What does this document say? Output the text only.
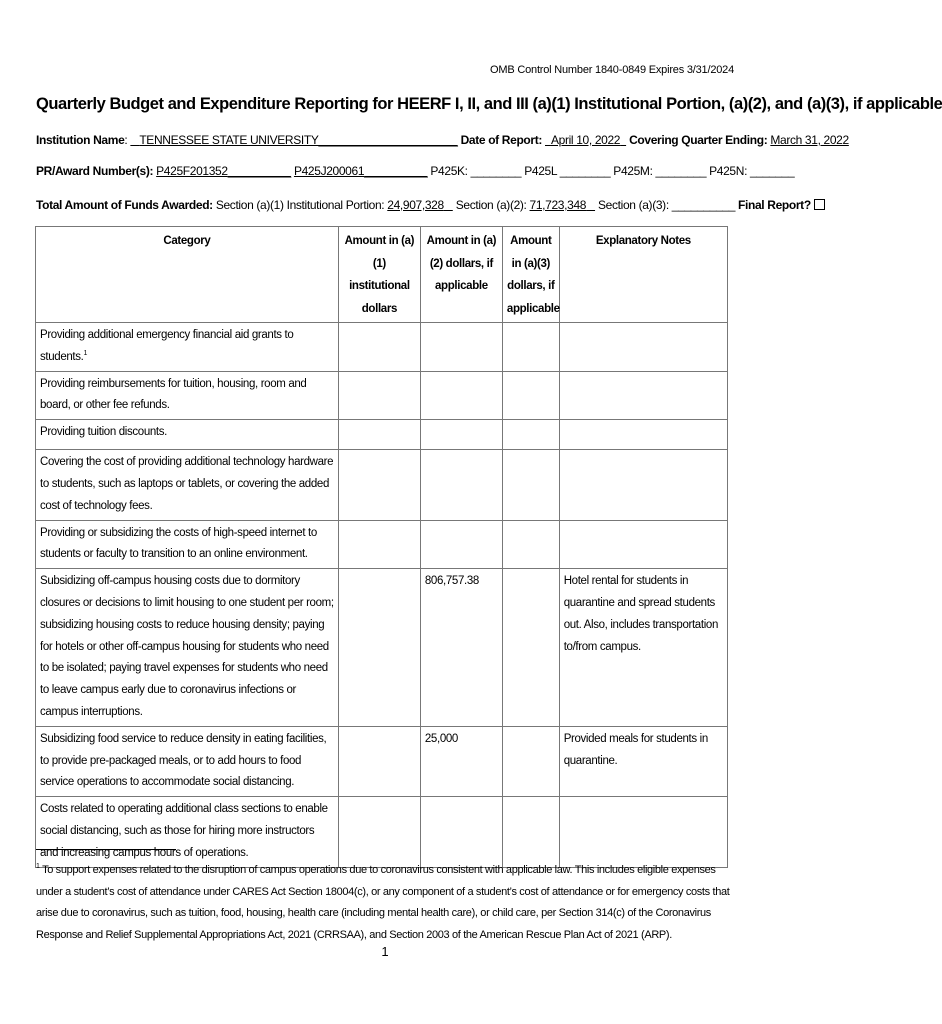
OMB Control Number 1840-0849 Expires 3/31/2024
Quarterly Budget and Expenditure Reporting for HEERF I, II, and III (a)(1) Institutional Portion, (a)(2), and (a)(3), if applicable
Institution Name:    TENNESSEE STATE UNIVERSITY______________________ Date of Report: April 10, 2022 Covering Quarter Ending: March 31, 2022
PR/Award Number(s): P425F201352__________ P425J200061__________ P425K: ________ P425L ________ P425M: ________ P425N: _______
Total Amount of Funds Awarded: Section (a)(1) Institutional Portion: 24,907,328 Section (a)(2): 71,723,348 Section (a)(3): __________ Final Report?
Category	Amount in (a)(1) institutional dollars	Amount in (a)(2) dollars, if applicable	Amount in (a)(3) dollars, if applicable	Explanatory Notes
Providing additional emergency financial aid grants to students.$^1$				
Providing reimbursements for tuition, housing, room and board, or other fee refunds.				
Providing tuition discounts.				
Covering the cost of providing additional technology hardware to students, such as laptops or tablets, or covering the added cost of technology fees.				
Providing or subsidizing the costs of high-speed internet to students or faculty to transition to an online environment.				
Subsidizing off-campus housing costs due to dormitory closures or decisions to limit housing to one student per room; subsidizing housing costs to reduce housing density; paying for hotels or other off-campus housing for students who need to be isolated; paying travel expenses for students who need to leave campus early due to coronavirus infections or campus interruptions.		806,757.38		Hotel rental for students in quarantine and spread students out. Also, includes transportation to/from campus.
Subsidizing food service to reduce density in eating facilities, to provide pre-packaged meals, or to add hours to food service operations to accommodate social distancing.		25,000		Provided meals for students in quarantine.
Costs related to operating additional class sections to enable social distancing, such as those for hiring more instructors and increasing campus hours of operations.				
$^1$ To support expenses related to the disruption of campus operations due to coronavirus consistent with applicable law. This includes eligible expenses under a student’s cost of attendance under CARES Act Section 18004(c), or any component of a student’s cost of attendance or for emergency costs that arise due to coronavirus, such as tuition, food, housing, health care (including mental health care), or child care, per Section 314(c) of the Coronavirus Response and Relief Supplemental Appropriations Act, 2021 (CRRSAA), and Section 2003 of the American Rescue Plan Act of 2021 (ARP).
1
